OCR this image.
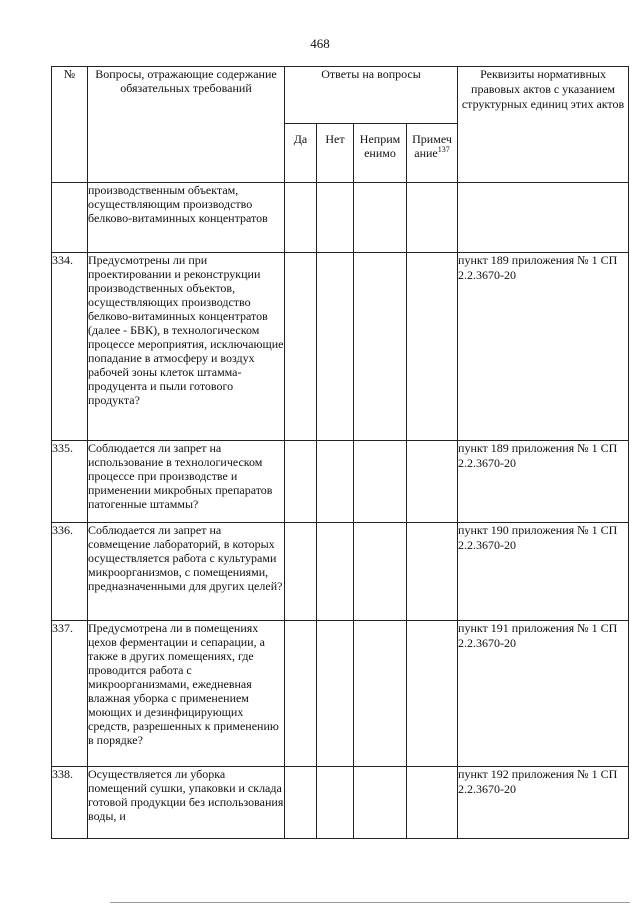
468
№	Вопросы, отражающие содержание обязательных требований	Ответы на вопросы				Реквизиты нормативных правовых актов с указанием структурных единиц этих актов
		Да	Нет	Неприм енимо	Примеч ание$^{137}$
	производственным объектам, осуществляющим производство белково-витаминных концентратов					
334.	Предусмотрены ли при проектировании и реконструкции производственных объектов, осуществляющих производство белково-витаминных концентратов (далее - БВК), в технологическом процессе мероприятия, исключающие попадание в атмосферу и воздух рабочей зоны клеток штамма-продуцента и пыли готового продукта?					пункт 189 приложения № 1 СП 2.2.3670-20
335.	Соблюдается ли запрет на использование в технологическом процессе при производстве и применении микробных препаратов патогенные штаммы?					пункт 189 приложения № 1 СП 2.2.3670-20
336.	Соблюдается ли запрет на совмещение лабораторий, в которых осуществляется работа с культурами микроорганизмов, с помещениями, предназначенными для других целей?					пункт 190 приложения № 1 СП 2.2.3670-20
337.	Предусмотрена ли в помещениях цехов ферментации и сепарации, а также в других помещениях, где проводится работа с микроорганизмами, ежедневная влажная уборка с применением моющих и дезинфицирующих средств, разрешенных к применению в порядке?					пункт 191 приложения № 1 СП 2.2.3670-20
338.	Осуществляется ли уборка помещений сушки, упаковки и склада готовой продукции без использования воды, и					пункт 192 приложения № 1 СП 2.2.3670-20
